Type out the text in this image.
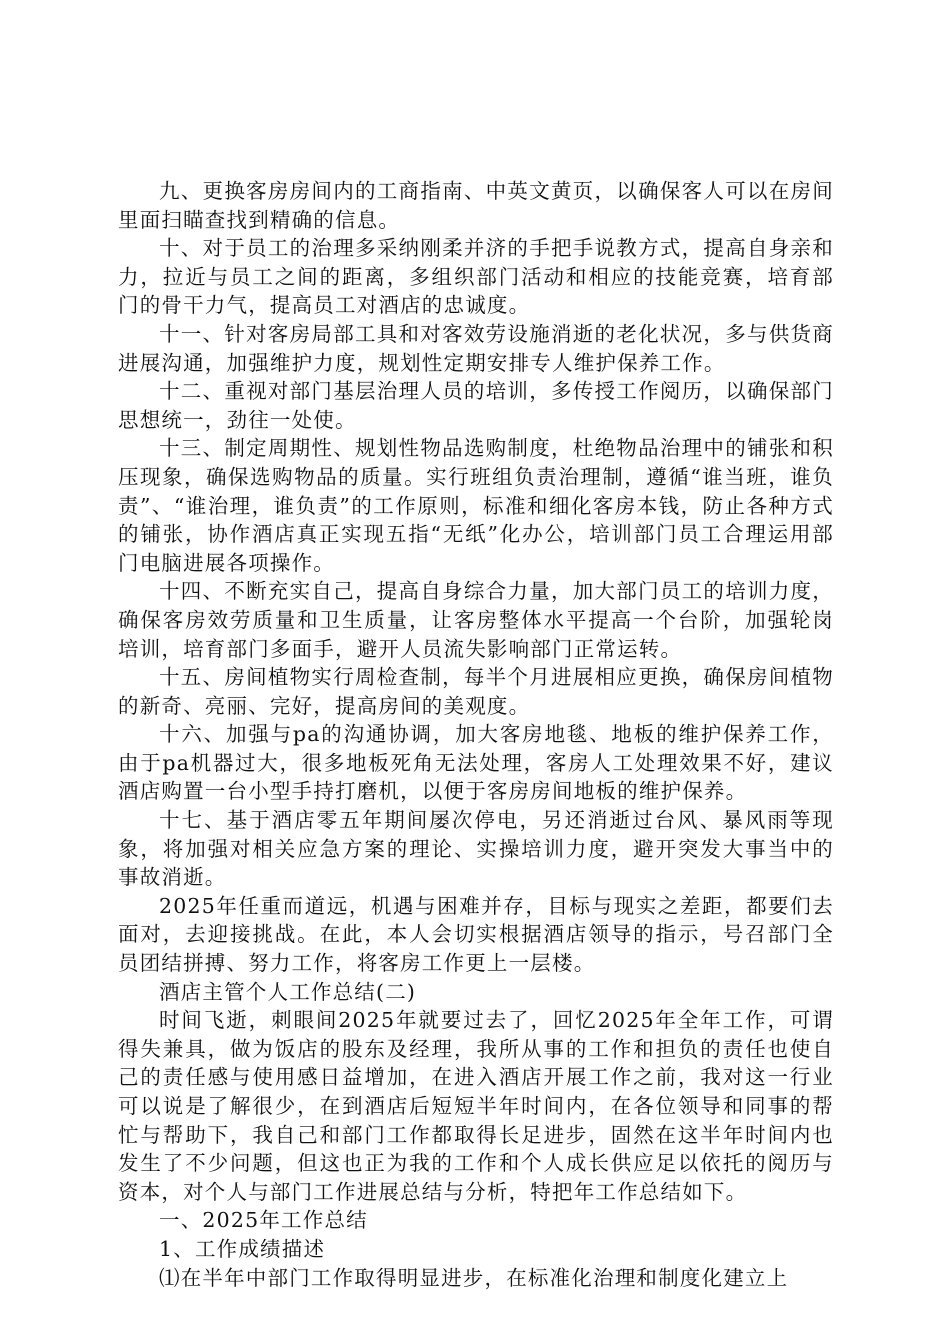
九、更换客房房间内的工商指南、中英文黄页，以确保客人可以在房间里面扫瞄查找到精确的信息。

十、对于员工的治理多采纳刚柔并济的手把手说教方式，提高自身亲和力，拉近与员工之间的距离，多组织部门活动和相应的技能竞赛，培育部门的骨干力气，提高员工对酒店的忠诚度。

十一、针对客房局部工具和对客效劳设施消逝的老化状况，多与供货商进展沟通，加强维护力度，规划性定期安排专人维护保养工作。

十二、重视对部门基层治理人员的培训，多传授工作阅历，以确保部门思想统一，劲往一处使。

十三、制定周期性、规划性物品选购制度，杜绝物品治理中的铺张和积压现象，确保选购物品的质量。实行班组负责治理制，遵循“谁当班，谁负责”、“谁治理，谁负责”的工作原则，标准和细化客房本钱，防止各种方式的铺张，协作酒店真正实现五指“无纸”化办公，培训部门员工合理运用部门电脑进展各项操作。

十四、不断充实自己，提高自身综合力量，加大部门员工的培训力度，确保客房效劳质量和卫生质量，让客房整体水平提高一个台阶，加强轮岗培训，培育部门多面手，避开人员流失影响部门正常运转。

十五、房间植物实行周检查制，每半个月进展相应更换，确保房间植物的新奇、亮丽、完好，提高房间的美观度。

十六、加强与pa的沟通协调，加大客房地毯、地板的维护保养工作，由于pa机器过大，很多地板死角无法处理，客房人工处理效果不好，建议酒店购置一台小型手持打磨机，以便于客房房间地板的维护保养。

十七、基于酒店零五年期间屡次停电，另还消逝过台风、暴风雨等现象，将加强对相关应急方案的理论、实操培训力度，避开突发大事当中的事故消逝。

2025年任重而道远，机遇与困难并存，目标与现实之差距，都要们去面对，去迎接挑战。在此，本人会切实根据酒店领导的指示，号召部门全员团结拼搏、努力工作，将客房工作更上一层楼。

酒店主管个人工作总结(二)

时间飞逝，刺眼间2025年就要过去了，回忆2025年全年工作，可谓得失兼具，做为饭店的股东及经理，我所从事的工作和担负的责任也使自己的责任感与使用感日益增加，在进入酒店开展工作之前，我对这一行业可以说是了解很少，在到酒店后短短半年时间内，在各位领导和同事的帮忙与帮助下，我自己和部门工作都取得长足进步，固然在这半年时间内也发生了不少问题，但这也正为我的工作和个人成长供应足以依托的阅历与资本，对个人与部门工作进展总结与分析，特把年工作总结如下。

一、2025年工作总结

1、工作成绩描述

⑴在半年中部门工作取得明显进步，在标准化治理和制度化建立上
